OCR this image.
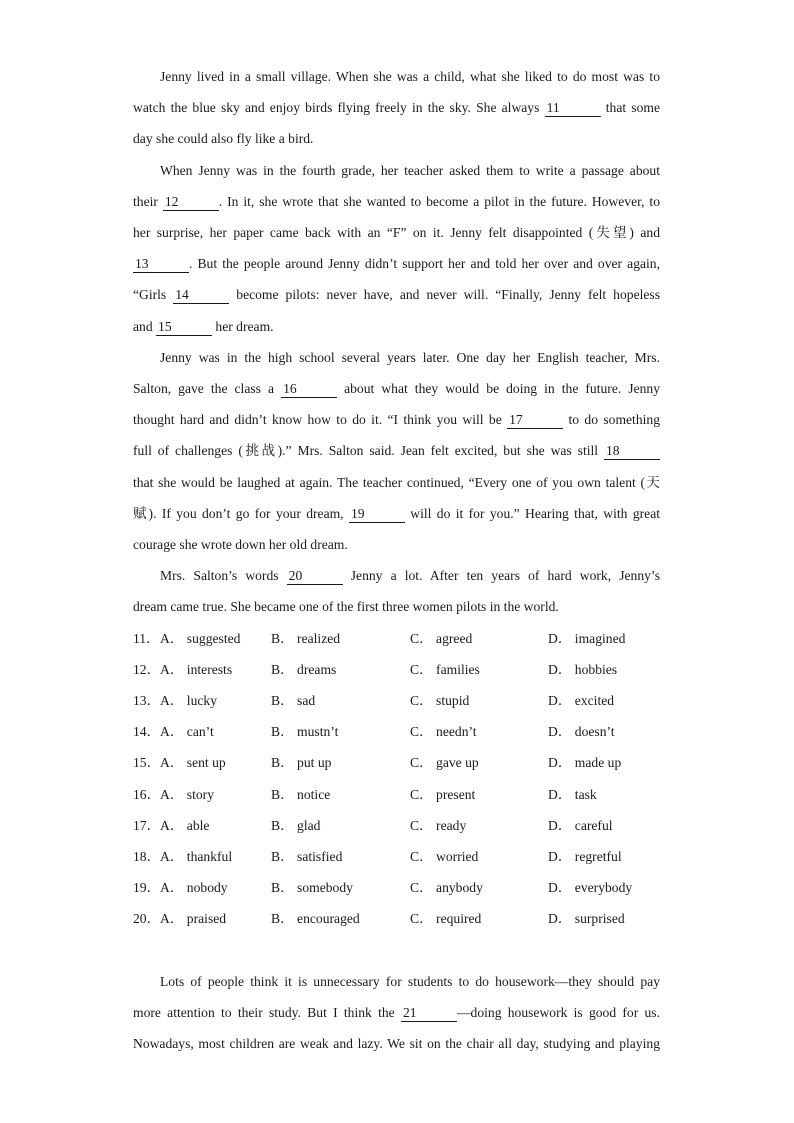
Jenny lived in a small village. When she was a child, what she liked to do most was to
watch the blue sky and enjoy birds flying freely in the sky. She always 11	that some
day she could also fly like a bird.

When Jenny was in the fourth grade, her teacher asked them to write a passage about
their 12	. In it, she wrote that she wanted to become a pilot in the future. However, to
her surprise, her paper came back with an “F” on it. Jenny felt disappointed (失望) and
13	. But the people around Jenny didn’t support her and told her over and over again,
“Girls 14	become pilots: never have, and never will. “Finally, Jenny felt hopeless
and 15	her dream.

Jenny was in the high school several years later. One day her English teacher, Mrs.
Salton, gave the class a 16	about what they would be doing in the future. Jenny
thought hard and didn’t know how to do it. “I think you will be 17	to do something
full of challenges (挑战).” Mrs. Salton said. Jean felt excited, but she was still 18
that she would be laughed at again. The teacher continued, “Every one of you own talent (天
赋). If you don’t go for your dream, 19	will do it for you.” Hearing that, with great
courage she wrote down her old dream.

Mrs. Salton’s words 20	Jenny a lot. After ten years of hard work, Jenny’s
dream came true. She became one of the first three women pilots in the world.

11． A． suggested B． realized	C． agreed	D． imagined
12． A． interests	B． dreams	C． families	D． hobbies
13． A． lucky	B． sad	C． stupid	D． excited
14． A． can’t	B． mustn’t	C． needn’t	D． doesn’t
15． A． sent up	B． put up	C． gave up	D． made up
16． A． story	B． notice	C． present	D． task
17． A． able	B． glad	C． ready	D． careful
18． A． thankful	B． satisfied	C． worried	D． regretful
19． A． nobody	B． somebody	C． anybody	D． everybody
20． A． praised	B． encouraged	C． required	D． surprised

Lots of people think it is unnecessary for students to do housework—they should pay
more attention to their study. But I think the 21	—doing housework is good for us.
Nowadays, most children are weak and lazy. We sit on the chair all day, studying and playing
